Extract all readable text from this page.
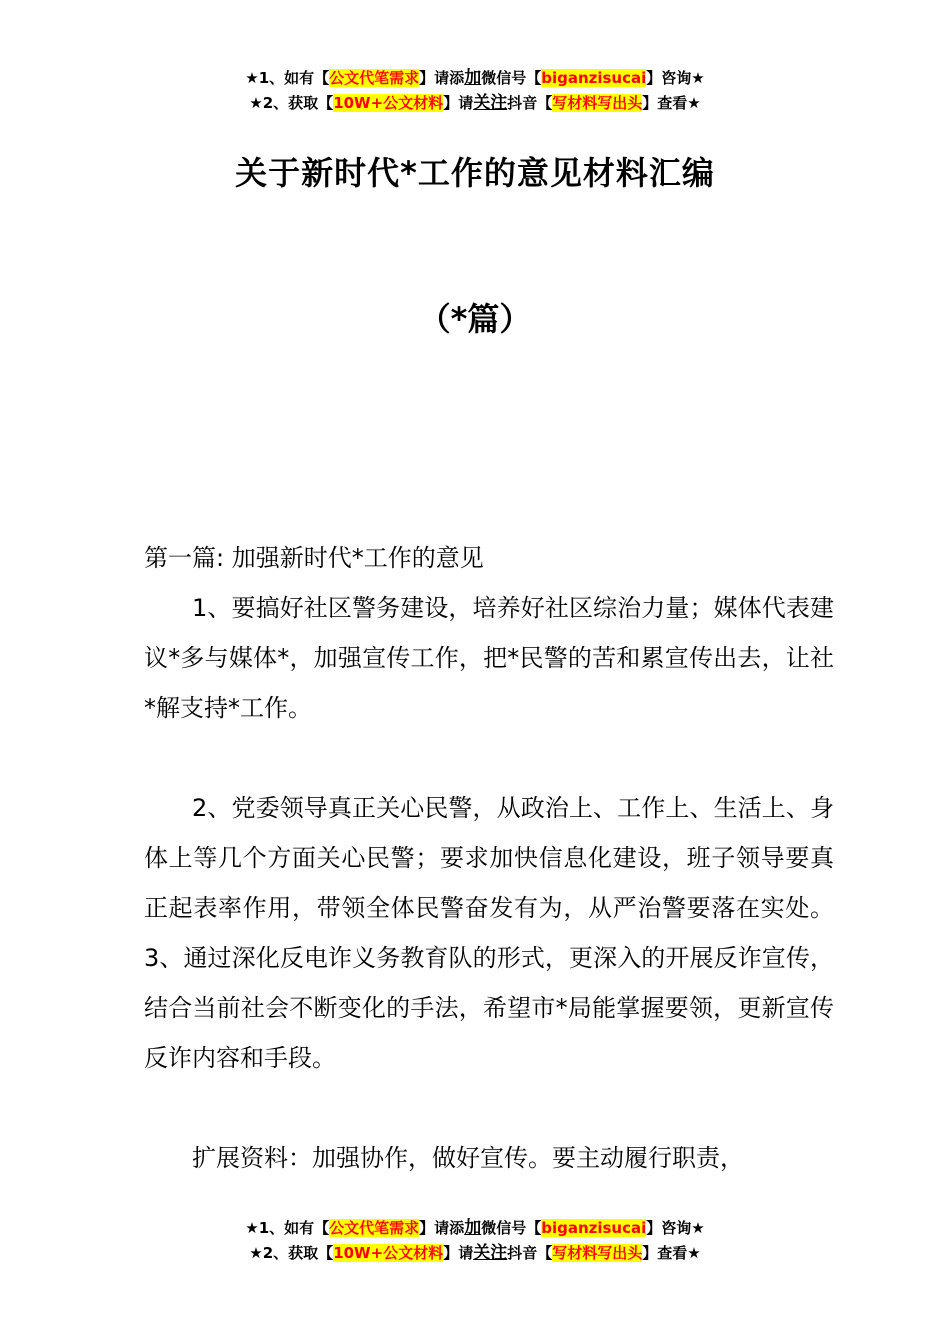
★1、如有【公文代笔需求】请添加微信号【biganzisucai】咨询★
★2、获取【10W+公文材料】请关注抖音【写材料写出头】查看★
关于新时代*工作的意见材料汇编
（*篇）

第一篇: 加强新时代*工作的意见

1、要搞好社区警务建设，培养好社区综治力量；媒体代表建议*多与媒体*，加强宣传工作，把*民警的苦和累宣传出去，让社*解支持*工作。

2、党委领导真正关心民警，从政治上、工作上、生活上、身体上等几个方面关心民警；要求加快信息化建设，班子领导要真正起表率作用，带领全体民警奋发有为，从严治警要落在实处。3、通过深化反电诈义务教育队的形式，更深入的开展反诈宣传，结合当前社会不断变化的手法，希望市*局能掌握要领，更新宣传反诈内容和手段。

扩展资料：加强协作，做好宣传。要主动履行职责，

★1、如有【公文代笔需求】请添加微信号【biganzisucai】咨询★
★2、获取【10W+公文材料】请关注抖音【写材料写出头】查看★
